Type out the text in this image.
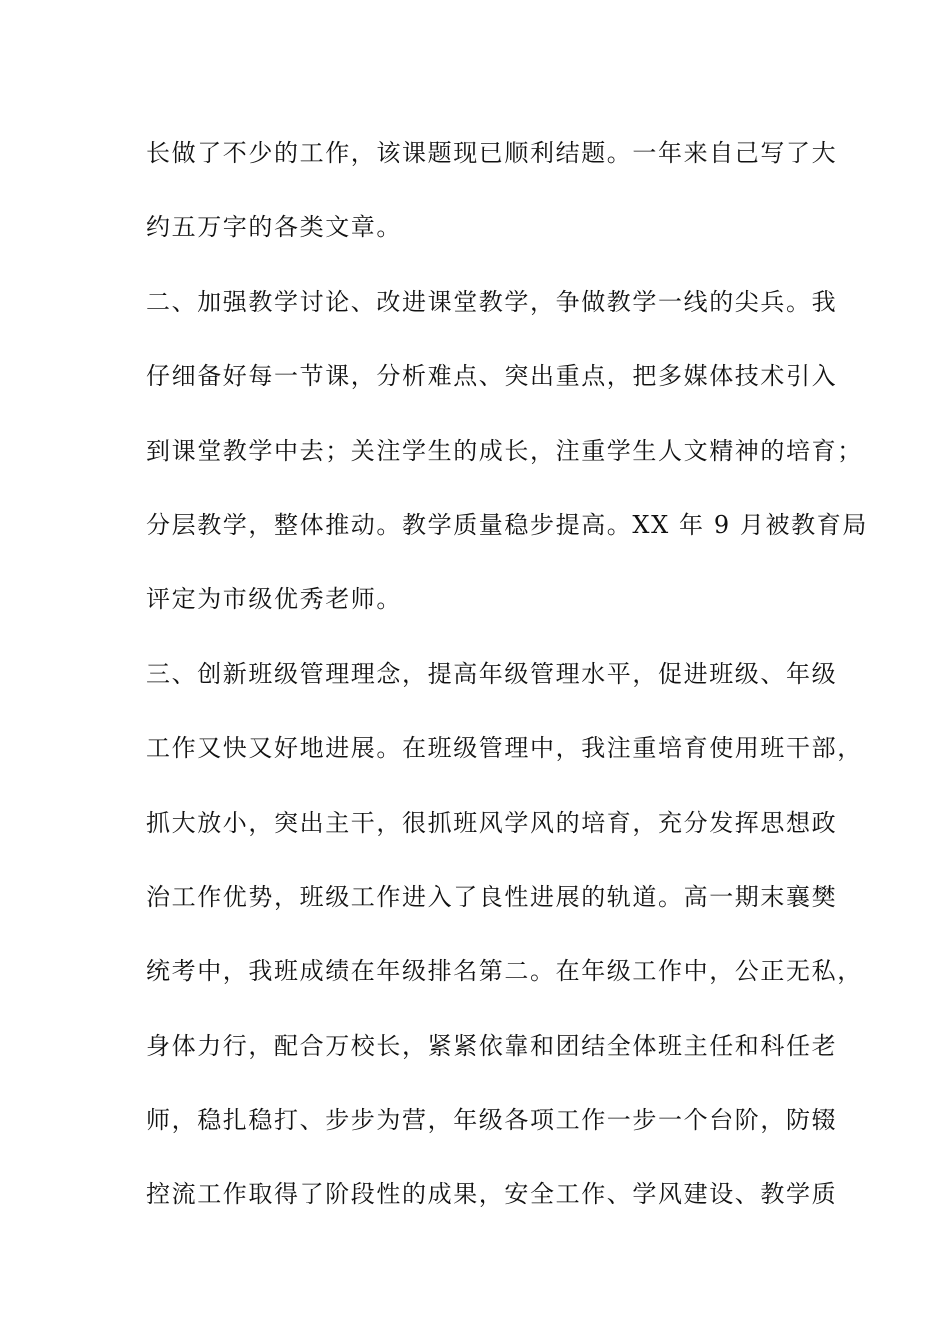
长做了不少的工作，该课题现已顺利结题。一年来自己写了大
约五万字的各类文章。
二、加强教学讨论、改进课堂教学，争做教学一线的尖兵。我
仔细备好每一节课，分析难点、突出重点，把多媒体技术引入
到课堂教学中去；关注学生的成长，注重学生人文精神的培育；
分层教学，整体推动。教学质量稳步提高。XX 年 9 月被教育局
评定为市级优秀老师。
三、创新班级管理理念，提高年级管理水平，促进班级、年级
工作又快又好地进展。在班级管理中，我注重培育使用班干部，
抓大放小，突出主干，很抓班风学风的培育，充分发挥思想政
治工作优势，班级工作进入了良性进展的轨道。高一期末襄樊
统考中，我班成绩在年级排名第二。在年级工作中，公正无私，
身体力行，配合万校长，紧紧依靠和团结全体班主任和科任老
师，稳扎稳打、步步为营，年级各项工作一步一个台阶，防辍
控流工作取得了阶段性的成果，安全工作、学风建设、教学质
